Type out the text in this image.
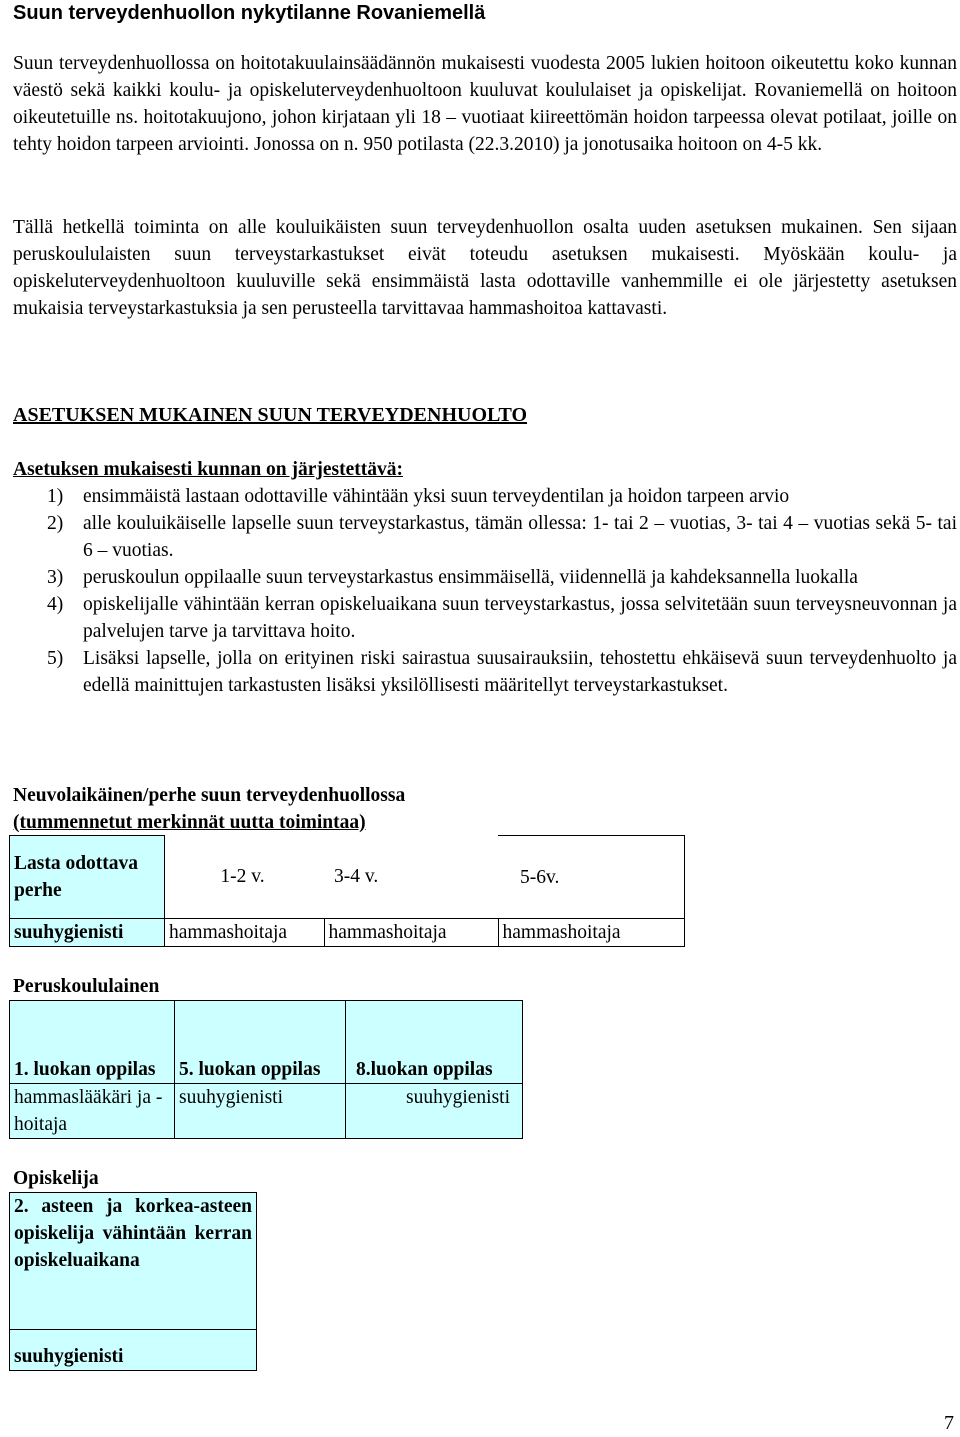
Suun terveydenhuollon nykytilanne Rovaniemellä

Suun terveydenhuollossa on hoitotakuulainsäädännön mukaisesti vuodesta 2005 lukien hoitoon oikeutettu koko kunnan väestö sekä kaikki koulu- ja opiskeluterveydenhuoltoon kuuluvat koululaiset ja opiskelijat. Rovaniemellä on hoitoon oikeutetuille ns. hoitotakuujono, johon kirjataan yli 18 – vuotiaat kiireettömän hoidon tarpeessa olevat potilaat, joille on tehty hoidon tarpeen arviointi. Jonossa on n. 950 potilasta (22.3.2010) ja jonotusaika hoitoon on 4-5 kk.

Tällä hetkellä toiminta on alle kouluikäisten suun terveydenhuollon osalta uuden asetuksen mukainen. Sen sijaan peruskoululaisten suun terveystarkastukset eivät toteudu asetuksen mukaisesti. Myöskään koulu- ja opiskeluterveydenhuoltoon kuuluville sekä ensimmäistä lasta odottaville vanhemmille ei ole järjestetty asetuksen mukaisia terveystarkastuksia ja sen perusteella tarvittavaa hammashoitoa kattavasti.

ASETUKSEN MUKAINEN SUUN TERVEYDENHUOLTO
Asetuksen mukaisesti kunnan on järjestettävä:
1) ensimmäistä lastaan odottaville vähintään yksi suun terveydentilan ja hoidon tarpeen arvio
2) alle kouluikäiselle lapselle suun terveystarkastus, tämän ollessa: 1- tai 2 – vuotias, 3- tai 4 – vuotias sekä 5- tai 6 – vuotias.
3) peruskoulun oppilaalle suun terveystarkastus ensimmäisellä, viidennellä ja kahdeksannella luokalla
4) opiskelijalle vähintään kerran opiskeluaikana suun terveystarkastus, jossa selvitetään suun terveysneuvonnan ja palvelujen tarve ja tarvittava hoito.
5) Lisäksi lapselle, jolla on erityinen riski sairastua suusairauksiin, tehostettu ehkäisevä suun terveydenhuolto ja edellä mainittujen tarkastusten lisäksi yksilöllisesti määritellyt terveystarkastukset.
Neuvolaikäinen/perhe suun terveydenhuollossa
(tummennetut merkinnät uutta toimintaa)
Lasta odottava perhe	1-2 v.	3-4 v.	5-6v.
suuhygienisti	hammashoitaja	hammashoitaja	hammashoitaja
Peruskoululainen
1. luokan oppilas	5. luokan oppilas	8.luokan oppilas
hammaslääkäri ja -hoitaja	suuhygienisti	suuhygienisti
Opiskelija
2. asteen ja korkea-asteen opiskelija vähintään kerran opiskeluaikana
suuhygienisti
7
